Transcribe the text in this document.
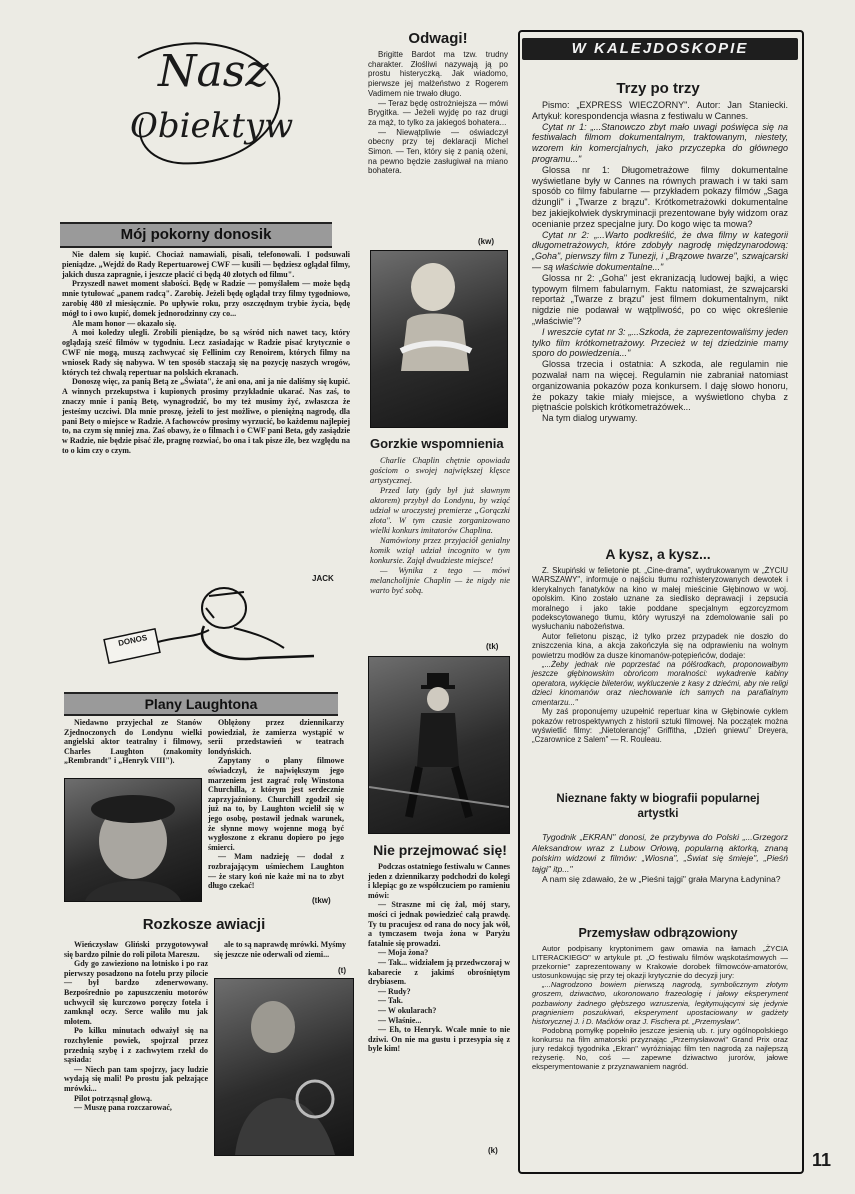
Nasz
Obiektyw
Mój pokorny donosik

Nie dałem się kupić. Chociaż namawiali, pisali, telefonowali. I podsuwali pieniądze. „Wejdź do Rady Repertuarowej CWF — kusili — będziesz oglądał filmy, jakich dusza zapragnie, i jeszcze płacić ci będą 40 złotych od filmu".

Przyszedł nawet moment słabości. Będę w Radzie — pomyślałem — może będą mnie tytułować „panem radcą". Zarobię. Jeżeli będę oglądał trzy filmy tygodniowo, zarobię 480 zł miesięcznie. Po upływie roku, przy oszczędnym trybie życia, będę mógł to i owo kupić, domek jednorodzinny czy co...

Ale mam honor — okazało się.

A moi koledzy ulegli. Zrobili pieniądze, bo są wśród nich nawet tacy, który oglądają sześć filmów w tygodniu. Lecz zasiadając w Radzie pisać krytycznie o CWF nie mogą, muszą zachwycać się Fellinim czy Renoirem, których filmy na wniosek Rady się nabywa. W ten sposób staczają się na pozycję naszych wrogów, których też chwalą repertuar na polskich ekranach.

Donoszę więc, za panią Betą ze „Świata", że ani ona, ani ja nie daliśmy się kupić. A winnych przekupstwa i kupionych prosimy przykładnie ukarać. Nas zaś, to znaczy mnie i panią Betę, wynagrodzić, bo my też musimy żyć, zwłaszcza że jesteśmy uczciwi. Dla mnie proszę, jeżeli to jest możliwe, o pieniężną nagrodę, dla pani Bety o miejsce w Radzie. A fachowców prosimy wyrzucić, bo każdemu najlepiej to, na czym się mniej zna. Zaś obawy, że o filmach i o CWF pani Beta, gdy zasiądzie w Radzie, nie będzie pisać źle, pragnę rozwiać, bo ona i tak pisze źle, bez względu na to o kim czy o czym.

JACK
DONOS
Plany Laughtona
Niedawno przyjechał ze Stanów Zjednoczonych do Londynu wielki angielski aktor teatralny i filmowy, Charles Laughton (znakomity „Rembrandt" i „Henryk VIII").

Oblężony przez dziennikarzy powiedział, że zamierza wystąpić w serii przedstawień w teatrach londyńskich.

Zapytany o plany filmowe oświadczył, że największym jego marzeniem jest zagrać rolę Winstona Churchilla, z którym jest serdecznie zaprzyjaźniony. Churchill zgodził się już na to, by Laughton wcielił się w jego osobę, postawił jednak warunek, że słynne mowy wojenne mogą być wygłoszone z ekranu dopiero po jego śmierci.

— Mam nadzieję — dodał z rozbrajającym uśmiechem Laughton — że stary koń nie każe mi na to zbyt długo czekać!

(tkw)
Rozkosze awiacji

Wieńczysław Gliński przygotowywał się bardzo pilnie do roli pilota Mareszu.

Gdy go zawieziono na lotnisko i po raz pierwszy posadzono na fotelu przy pilocie — był bardzo zdenerwowany. Bezpośrednio po zapuszczeniu motorów uchwycił się kurczowo poręczy fotela i zamknął oczy. Serce waliło mu jak młotem.

Po kilku minutach odważył się na rozchylenie powiek, spojrzał przez przednią szybę i z zachwytem rzekł do sąsiada:

— Niech pan tam spojrzy, jacy ludzie wydają się mali! Po prostu jak pełzające mrówki...

Pilot potrząsnął głową.

— Muszę pana rozczarować,

ale to są naprawdę mrówki. Myśmy się jeszcze nie oderwali od ziemi...

(t)
Odwagi!

Brigitte Bardot ma tzw. trudny charakter. Złośliwi nazywają ją po prostu histeryczką. Jak wiadomo, pierwsze jej małżeństwo z Rogerem Vadimem nie trwało długo.

— Teraz będę ostrożniejsza — mówi Brygitka. — Jeżeli wyjdę po raz drugi za mąż, to tylko za jakiegoś bohatera...

— Niewątpliwie — oświadczył obecny przy tej deklaracji Michel Simon. — Ten, który się z panią ożeni, na pewno będzie zasługiwał na miano bohatera.

(kw)
Gorzkie wspomnienia

Charlie Chaplin chętnie opowiada gościom o swojej największej klęsce artystycznej.

Przed laty (gdy był już sławnym aktorem) przybył do Londynu, by wziąć udział w uroczystej premierze „Gorączki złota". W tym czasie zorganizowano wielki konkurs imitatorów Chaplina.

Namówiony przez przyjaciół genialny komik wziął udział incognito w tym konkursie. Zajął dwudzieste miejsce!

— Wynika z tego — mówi melancholijnie Chaplin — że nigdy nie warto być sobą.

(tk)
Nie przejmować się!

Podczas ostatniego festiwalu w Cannes jeden z dziennikarzy podchodzi do kolegi i klepiąc go ze współczuciem po ramieniu mówi:

— Straszne mi cię żal, mój stary, mości ci jednak powiedzieć całą prawdę. Ty tu pracujesz od rana do nocy jak wół, a tymczasem twoja żona w Paryżu fatalnie się prowadzi.

— Moja żona?

— Tak... widziałem ją przedwczoraj w kabarecie z jakimś obrośniętym drybiasem.

— Rudy?

— Tak.

— W okularach?

— Właśnie...

— Eh, to Henryk. Wcale mnie to nie dziwi. On nie ma gustu i przesypia się z byle kim!

(k)
W KALEJDOSKOPIE
Trzy po trzy

Pismo: „EXPRESS WIECZORNY". Autor: Jan Staniecki. Artykuł: korespondencja własna z festiwalu w Cannes.

Cytat nr 1: „...Stanowczo zbyt mało uwagi poświęca się na festiwalach filmom dokumentalnym, traktowanym, niestety, wzorem kin komercjalnych, jako przyczepka do głównego programu..."

Glossa nr 1: Długometrażowe filmy dokumentalne wyświetlane były w Cannes na równych prawach i w taki sam sposób co filmy fabularne — przykładem pokazy filmów „Saga dżungli" i „Twarze z brązu". Krótkometrażowki dokumentalne bez jakiejkolwiek dyskryminacji prezentowane były widzom oraz ocenianie przez specjalne jury. Do kogo więc ta mowa?

Cytat nr 2: „...Warto podkreślić, że dwa filmy w kategorii długometrażowych, które zdobyły nagrodę międzynarodową: „Goha", pierwszy film z Tunezji, i „Brązowe twarze", szwajcarski — są właściwie dokumentalne..."

Glossa nr 2: „Goha" jest ekranizacją ludowej bajki, a więc typowym filmem fabularnym. Faktu natomiast, że szwajcarski reportaż „Twarze z brązu" jest filmem dokumentalnym, nikt nigdzie nie podawał w wątpliwość, po co więc określenie „właściwie"?

I wreszcie cytat nr 3: „...Szkoda, że zaprezentowaliśmy jeden tylko film krótkometrażowy. Przecież w tej dziedzinie mamy sporo do powiedzenia..."

Glossa trzecia i ostatnia: A szkoda, ale regulamin nie pozwalał nam na więcej. Regulamin nie zabraniał natomiast organizowania pokazów poza konkursem. I daję słowo honoru, że pokazy takie miały miejsce, a wyświetlono chyba z piętnaście polskich krótkometrażówek...

Na tym dialog urywamy.

A kysz, a kysz...

Z. Skupiński w felietonie pt. „Cine-drama", wydrukowanym w „ŻYCIU WARSZAWY", informuje o najściu tłumu rozhisteryzowanych dewotek i klerykalnych fanatyków na kino w małej mieścinie Głębinowo w woj. opolskim. Kino zostało uznane za siedlisko deprawacji i zepsucia moralnego i jako takie poddane specjalnym egzorcyzmom podekscytowanego tłumu, który wyruszył na zdemolowanie sali po wysłuchaniu nabożeństwa.

Autor felietonu pisząc, iż tylko przez przypadek nie doszło do zniszczenia kina, a akcja zakończyła się na odprawieniu na wolnym powietrzu modłów za dusze kinomanów-potępieńców, dodaje:

„...Żeby jednak nie poprzestać na półśrodkach, proponowałbym jeszcze głębinowskim obrońcom moralności: wykadrenie kabiny operatora, wykięcie bileterów, wykluczenie z kasy z dziećmi, aby nie religi dzieci kinomanów oraz niechowanie ich samych na parafialnym cmentarzu..."

My zaś proponujemy uzupełnić repertuar kina w Głębinowie cyklem pokazów retrospektywnych z historii sztuki filmowej. Na początek można wyświetlić filmy: „Nietolerancję" Griffitha, „Dzień gniewu" Dreyera, „Czarownice z Salem" — R. Rouleau.

Nieznane fakty w biografii popularnej artystki

Tygodnik „EKRAN" donosi, że przybywa do Polski „...Grzegorz Aleksandrow wraz z Lubow Orłową, popularną aktorką, znaną polskim widzowi z filmów: „Wiosna", „Świat się śmieje", „Pieśń tajgi" itp..."

A nam się zdawało, że w „Pieśni tajgi" grała Maryna Ładynina?

Przemysław odbrązowiony

Autor podpisany kryptonimem gaw omawia na łamach „ŻYCIA LITERACKIEGO" w artykule pt. „O festiwalu filmów wąskotaśmowych — przekornie" zaprezentowany w Krakowie dorobek filmowców-amatorów, ustosunkowując się przy tej okazji krytycznie do decyzji jury:

„...Nagrodzono bowiem pierwszą nagrodą, symbolicznym złotym groszem, dziwactwo, ukoronowano frazeologię i jałowy eksperyment pozbawiony żadnego głębszego wzruszenia, legitymującymi się jedynie pragnieniem poszukiwań, eksperyment upostaciowany w gadżety historycznej J. i D. Maćków oraz J. Fischera pt. „Przemysław".

Podobną pomyłkę popełniło jeszcze jesienią ub. r. jury ogólnopolskiego konkursu na film amatorski przyznając „Przemysławowi" Grand Prix oraz jury redakcji tygodnika „Ekran" wyróżniając film ten nagrodą za najlepszą reżyserię. No, coś — zapewne dziwactwo jurorów, jałowe eksperymentowanie z przyznawaniem nagród.

11
